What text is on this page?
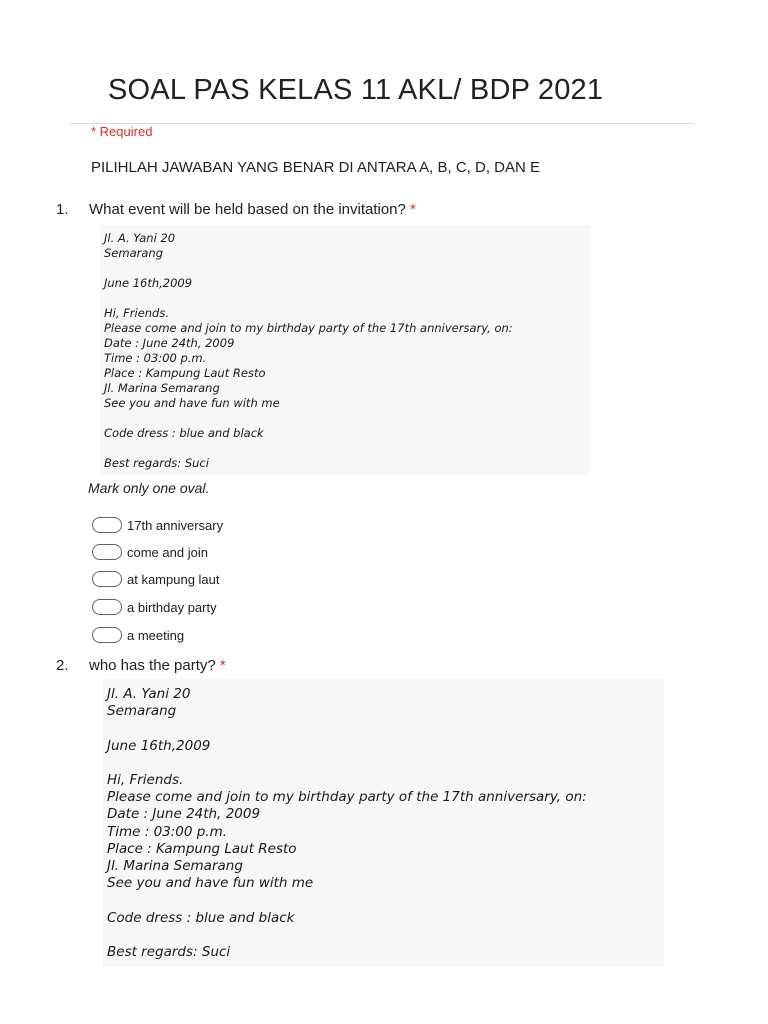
SOAL PAS KELAS 11 AKL/ BDP 2021
* Required
PILIHLAH JAWABAN YANG BENAR DI ANTARA A, B, C, D, DAN E
1. What event will be held based on the invitation? *
Jl. A. Yani 20
Semarang
June 16th,2009
Hi, Friends.
Please come and join to my birthday party of the 17th anniversary, on:
Date : June 24th, 2009
Time : 03:00 p.m.
Place : Kampung Laut Resto
Jl. Marina Semarang
See you and have fun with me
Code dress : blue and black
Best regards: Suci
Mark only one oval.
17th anniversary
come and join
at kampung laut
a birthday party
a meeting
2. who has the party? *
Jl. A. Yani 20
Semarang
June 16th,2009
Hi, Friends.
Please come and join to my birthday party of the 17th anniversary, on:
Date : June 24th, 2009
Time : 03:00 p.m.
Place : Kampung Laut Resto
Jl. Marina Semarang
See you and have fun with me
Code dress : blue and black
Best regards: Suci
